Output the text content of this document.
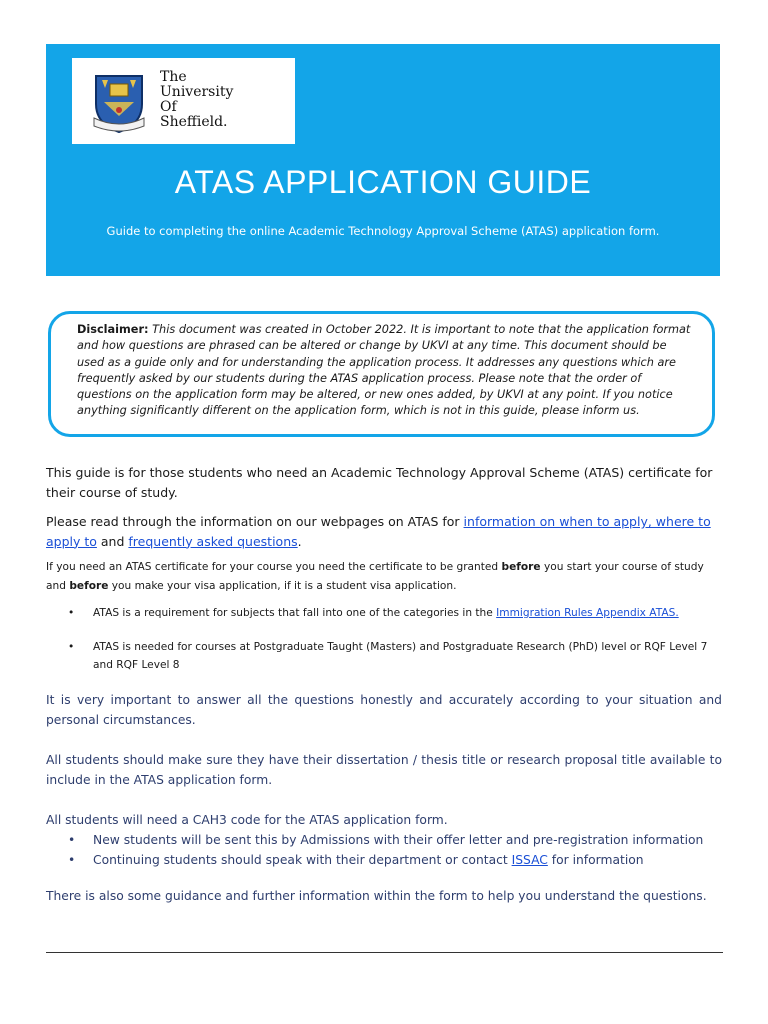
The
University
Of
Sheffield.
ATAS APPLICATION GUIDE
Guide to completing the online Academic Technology Approval Scheme (ATAS) application form.
Disclaimer: This document was created in October 2022. It is important to note that the application format and how questions are phrased can be altered or change by UKVI at any time. This document should be used as a guide only and for understanding the application process. It addresses any questions which are frequently asked by our students during the ATAS application process. Please note that the order of questions on the application form may be altered, or new ones added, by UKVI at any point. If you notice anything significantly different on the application form, which is not in this guide, please inform us.
This guide is for those students who need an Academic Technology Approval Scheme (ATAS) certificate for their course of study.
Please read through the information on our webpages on ATAS for information on when to apply, where to apply to and frequently asked questions.
If you need an ATAS certificate for your course you need the certificate to be granted before you start your course of study and before you make your visa application, if it is a student visa application.
• ATAS is a requirement for subjects that fall into one of the categories in the Immigration Rules Appendix ATAS.
• ATAS is needed for courses at Postgraduate Taught (Masters) and Postgraduate Research (PhD) level or RQF Level 7 and RQF Level 8
It is very important to answer all the questions honestly and accurately according to your situation and personal circumstances.
All students should make sure they have their dissertation / thesis title or research proposal title available to include in the ATAS application form.
All students will need a CAH3 code for the ATAS application form.
• New students will be sent this by Admissions with their offer letter and pre-registration information
• Continuing students should speak with their department or contact ISSAC for information
There is also some guidance and further information within the form to help you understand the questions.
